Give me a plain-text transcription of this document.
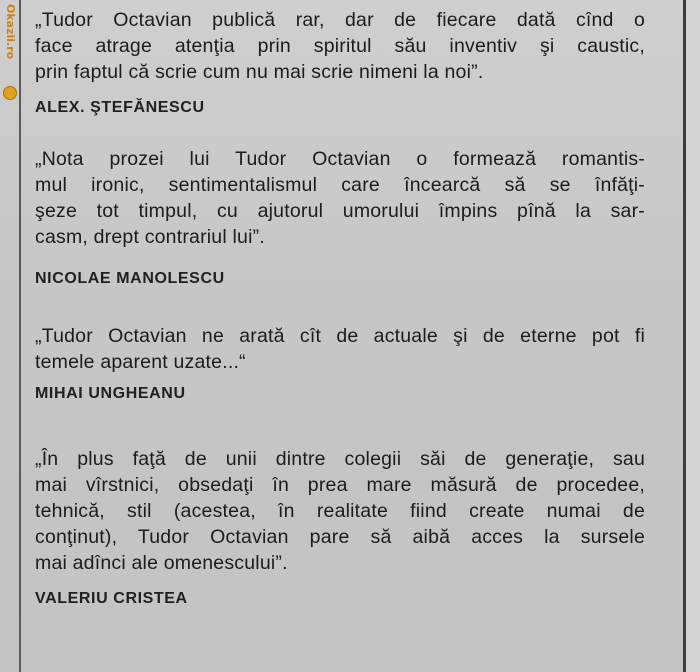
Okazii.ro „Tudor Octavian publică rar, dar de fiecare dată cînd o

face atrage atenţia prin spiritul său inventiv şi caustic,

prin faptul că scrie cum nu mai scrie nimeni la noi”.

ALEX. ŞTEFĂNESCU

„Nota prozei lui Tudor Octavian o formează romantis-

mul ironic, sentimentalismul care încearcă să se înfăţi-

şeze tot timpul, cu ajutorul umorului împins pînă la sar-

casm, drept contrariul lui”.

NICOLAE MANOLESCU

„Tudor Octavian ne arată cît de actuale şi de eterne pot fi

temele aparent uzate...“

MIHAI UNGHEANU

„În plus faţă de unii dintre colegii săi de generaţie, sau

mai vîrstnici, obsedaţi în prea mare măsură de procedee,

tehnică, stil (acestea, în realitate fiind create numai de

conţinut), Tudor Octavian pare să aibă acces la sursele

mai adînci ale omenescului”.

VALERIU CRISTEA
